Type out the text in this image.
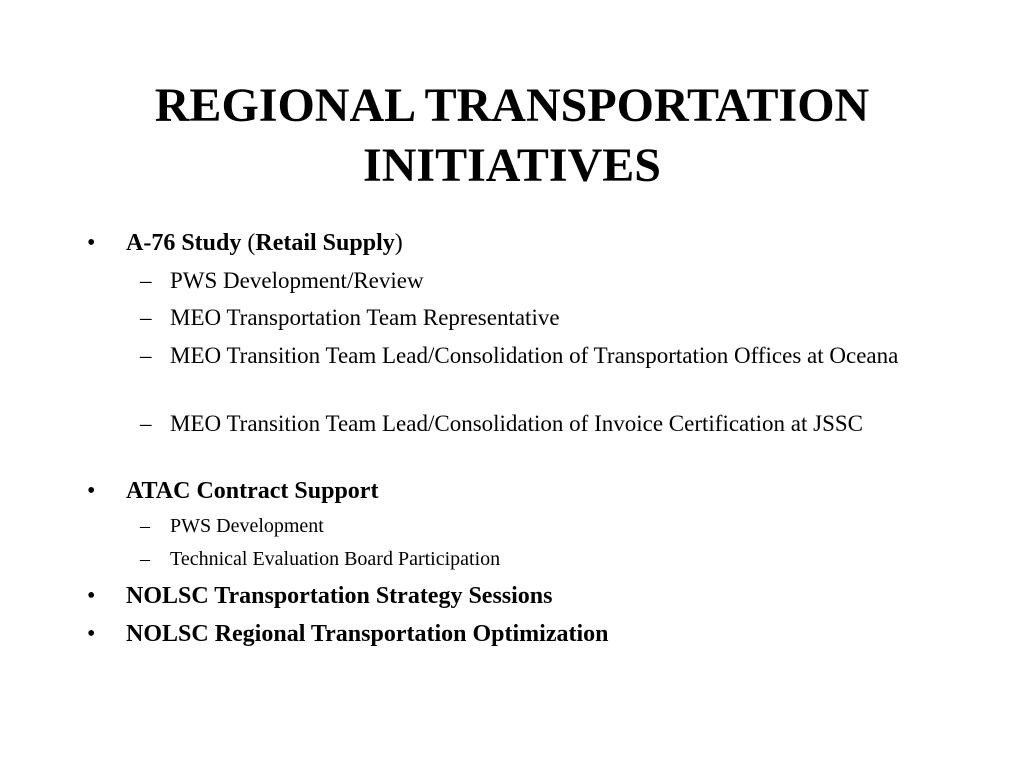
REGIONAL TRANSPORTATION
INITIATIVES
• A-76 Study (Retail Supply)
– PWS Development/Review
– MEO Transportation Team Representative
– MEO Transition Team Lead/Consolidation of Transportation Offices at Oceana
– MEO Transition Team Lead/Consolidation of Invoice Certification at JSSC
• ATAC Contract Support
– PWS Development
– Technical Evaluation Board Participation
• NOLSC Transportation Strategy Sessions
• NOLSC Regional Transportation Optimization
